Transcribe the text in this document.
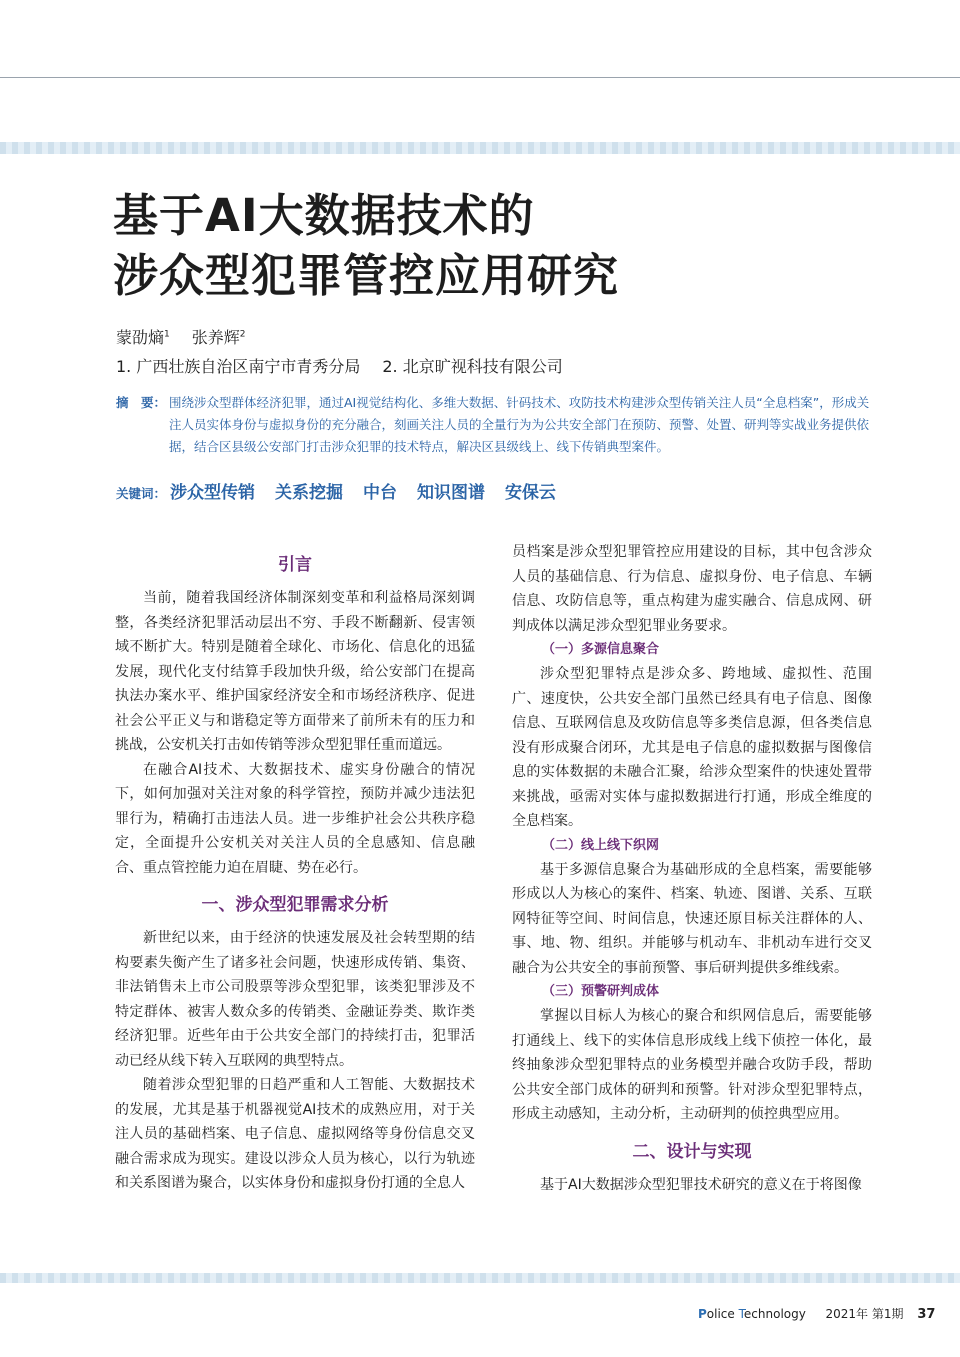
基于AI大数据技术的
涉众型犯罪管控应用研究
蒙劭熵$^1$ 张养辉$^2$
1. 广西壮族自治区南宁市青秀分局 2. 北京旷视科技有限公司
摘　要： 围绕涉众型群体经济犯罪，通过AI视觉结构化、多维大数据、针码技术、攻防技术构建涉众型传销关注人员“全息档案”，形成关注人员实体身份与虚拟身份的充分融合，刻画关注人员的全量行为为公共安全部门在预防、预警、处置、研判等实战业务提供依据，结合区县级公安部门打击涉众犯罪的技术特点，解决区县级线上、线下传销典型案件。
关键词： 涉众型传销 关系挖掘 中台 知识图谱 安保云
引言

当前，随着我国经济体制深刻变革和利益格局深刻调整，各类经济犯罪活动层出不穷、手段不断翻新、侵害领域不断扩大。特别是随着全球化、市场化、信息化的迅猛发展，现代化支付结算手段加快升级，给公安部门在提高执法办案水平、维护国家经济安全和市场经济秩序、促进社会公平正义与和谐稳定等方面带来了前所未有的压力和挑战，公安机关打击如传销等涉众型犯罪任重而道远。

在融合AI技术、大数据技术、虚实身份融合的情况下，如何加强对关注对象的科学管控，预防并减少违法犯罪行为，精确打击违法人员。进一步维护社会公共秩序稳定，全面提升公安机关对关注人员的全息感知、信息融合、重点管控能力迫在眉睫、势在必行。

一、涉众型犯罪需求分析

新世纪以来，由于经济的快速发展及社会转型期的结构要素失衡产生了诸多社会问题，快速形成传销、集资、非法销售未上市公司股票等涉众型犯罪，该类犯罪涉及不特定群体、被害人数众多的传销类、金融证券类、欺诈类经济犯罪。近些年由于公共安全部门的持续打击，犯罪活动已经从线下转入互联网的典型特点。

随着涉众型犯罪的日趋严重和人工智能、大数据技术的发展，尤其是基于机器视觉AI技术的成熟应用，对于关注人员的基础档案、电子信息、虚拟网络等身份信息交叉融合需求成为现实。建设以涉众人员为核心，以行为轨迹和关系图谱为聚合，以实体身份和虚拟身份打通的全息人

员档案是涉众型犯罪管控应用建设的目标，其中包含涉众人员的基础信息、行为信息、虚拟身份、电子信息、车辆信息、攻防信息等，重点构建为虚实融合、信息成网、研判成体以满足涉众型犯罪业务要求。

（一）多源信息聚合

涉众型犯罪特点是涉众多、跨地域、虚拟性、范围广、速度快，公共安全部门虽然已经具有电子信息、图像信息、互联网信息及攻防信息等多类信息源，但各类信息没有形成聚合闭环，尤其是电子信息的虚拟数据与图像信息的实体数据的未融合汇聚，给涉众型案件的快速处置带来挑战，亟需对实体与虚拟数据进行打通，形成全维度的全息档案。

（二）线上线下织网

基于多源信息聚合为基础形成的全息档案，需要能够形成以人为核心的案件、档案、轨迹、图谱、关系、互联网特征等空间、时间信息，快速还原目标关注群体的人、事、地、物、组织。并能够与机动车、非机动车进行交叉融合为公共安全的事前预警、事后研判提供多维线索。

（三）预警研判成体

掌握以目标人为核心的聚合和织网信息后，需要能够打通线上、线下的实体信息形成线上线下侦控一体化，最终抽象涉众型犯罪特点的业务模型并融合攻防手段，帮助公共安全部门成体的研判和预警。针对涉众型犯罪特点，形成主动感知，主动分析，主动研判的侦控典型应用。

二、设计与实现

基于AI大数据涉众型犯罪技术研究的意义在于将图像

Police Technology 2021年 第1期 37
